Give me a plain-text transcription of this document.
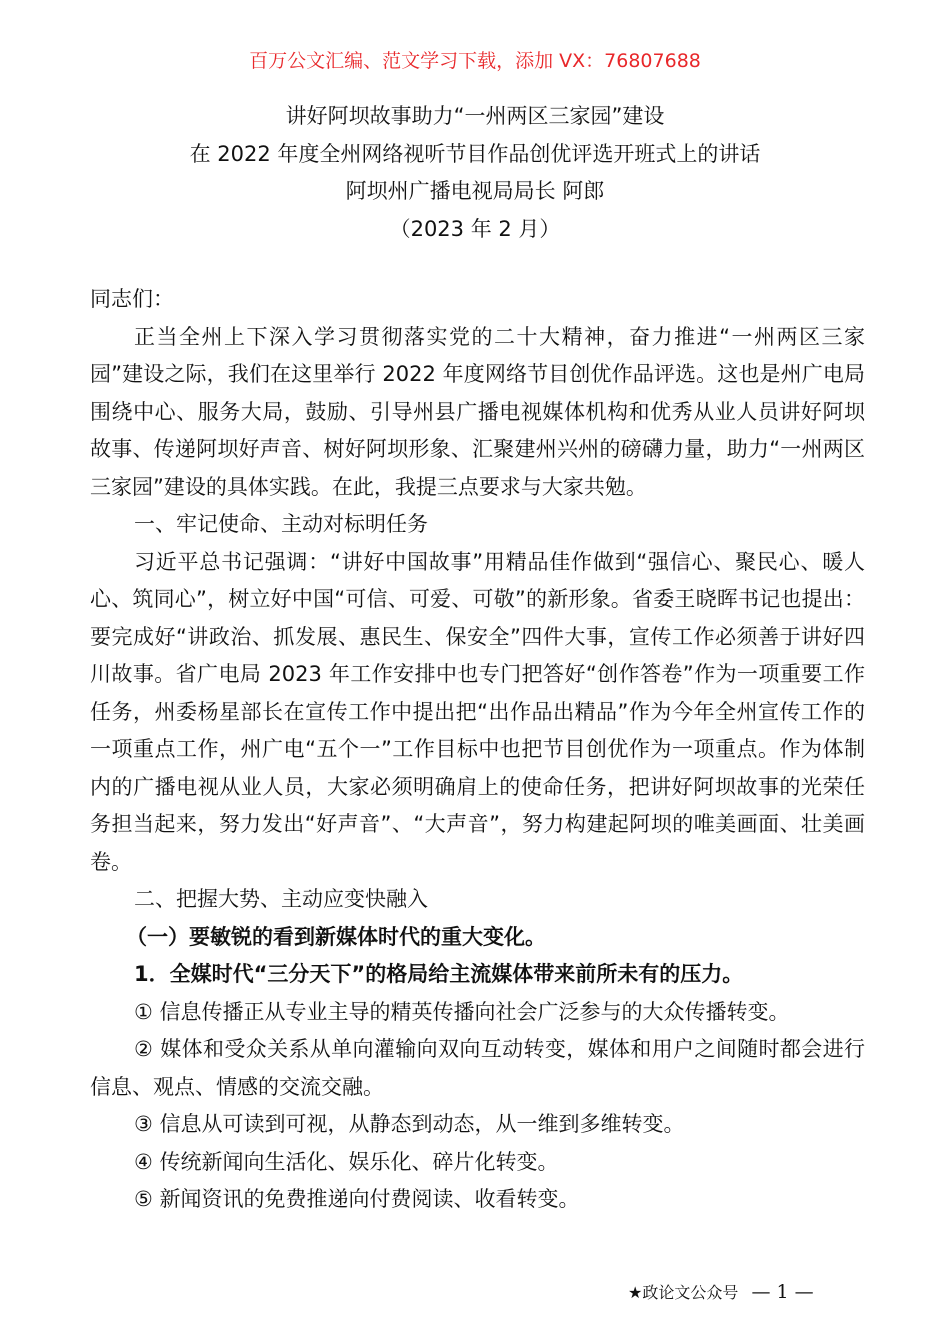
百万公文汇编、范文学习下载，添加 VX：76807688
讲好阿坝故事助力“一州两区三家园”建设
在 2022 年度全州网络视听节目作品创优评选开班式上的讲话
阿坝州广播电视局局长 阿郎
（2023 年 2 月）

同志们：

正当全州上下深入学习贯彻落实党的二十大精神，奋力推进“一州两区三家园”建设之际，我们在这里举行 2022 年度网络节目创优作品评选。这也是州广电局围绕中心、服务大局，鼓励、引导州县广播电视媒体机构和优秀从业人员讲好阿坝故事、传递阿坝好声音、树好阿坝形象、汇聚建州兴州的磅礴力量，助力“一州两区三家园”建设的具体实践。在此，我提三点要求与大家共勉。

一、牢记使命、主动对标明任务

习近平总书记强调：“讲好中国故事”用精品佳作做到“强信心、聚民心、暖人心、筑同心”，树立好中国“可信、可爱、可敬”的新形象。省委王晓晖书记也提出：要完成好“讲政治、抓发展、惠民生、保安全”四件大事，宣传工作必须善于讲好四川故事。省广电局 2023 年工作安排中也专门把答好“创作答卷”作为一项重要工作任务，州委杨星部长在宣传工作中提出把“出作品出精品”作为今年全州宣传工作的一项重点工作，州广电“五个一”工作目标中也把节目创优作为一项重点。作为体制内的广播电视从业人员，大家必须明确肩上的使命任务，把讲好阿坝故事的光荣任务担当起来，努力发出“好声音”、“大声音”，努力构建起阿坝的唯美画面、壮美画卷。

二、把握大势、主动应变快融入

（一）要敏锐的看到新媒体时代的重大变化。

1．全媒时代“三分天下”的格局给主流媒体带来前所未有的压力。

① 信息传播正从专业主导的精英传播向社会广泛参与的大众传播转变。

② 媒体和受众关系从单向灌输向双向互动转变，媒体和用户之间随时都会进行信息、观点、情感的交流交融。

③ 信息从可读到可视，从静态到动态，从一维到多维转变。

④ 传统新闻向生活化、娱乐化、碎片化转变。

⑤ 新闻资讯的免费推递向付费阅读、收看转变。

★政论文公众号 — 1 —
